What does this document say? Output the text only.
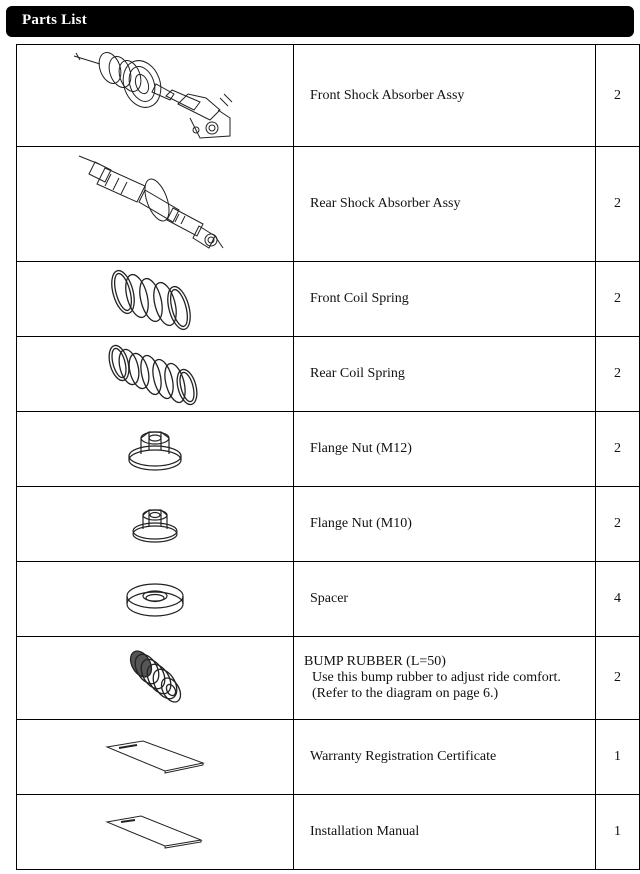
Parts List
	Front Shock Absorber Assy	2

	Rear Shock Absorber Assy	2

	Front Coil Spring	2

	Rear Coil Spring	2

	Flange Nut (M12)	2

	Flange Nut (M10)	2

	Spacer	4

BUMP RUBBER (L=50)
Use this bump rubber to adjust ride comfort.
(Refer to the diagram on page 6.)	2

	Warranty Registration Certificate	1

	Installation Manual	1
